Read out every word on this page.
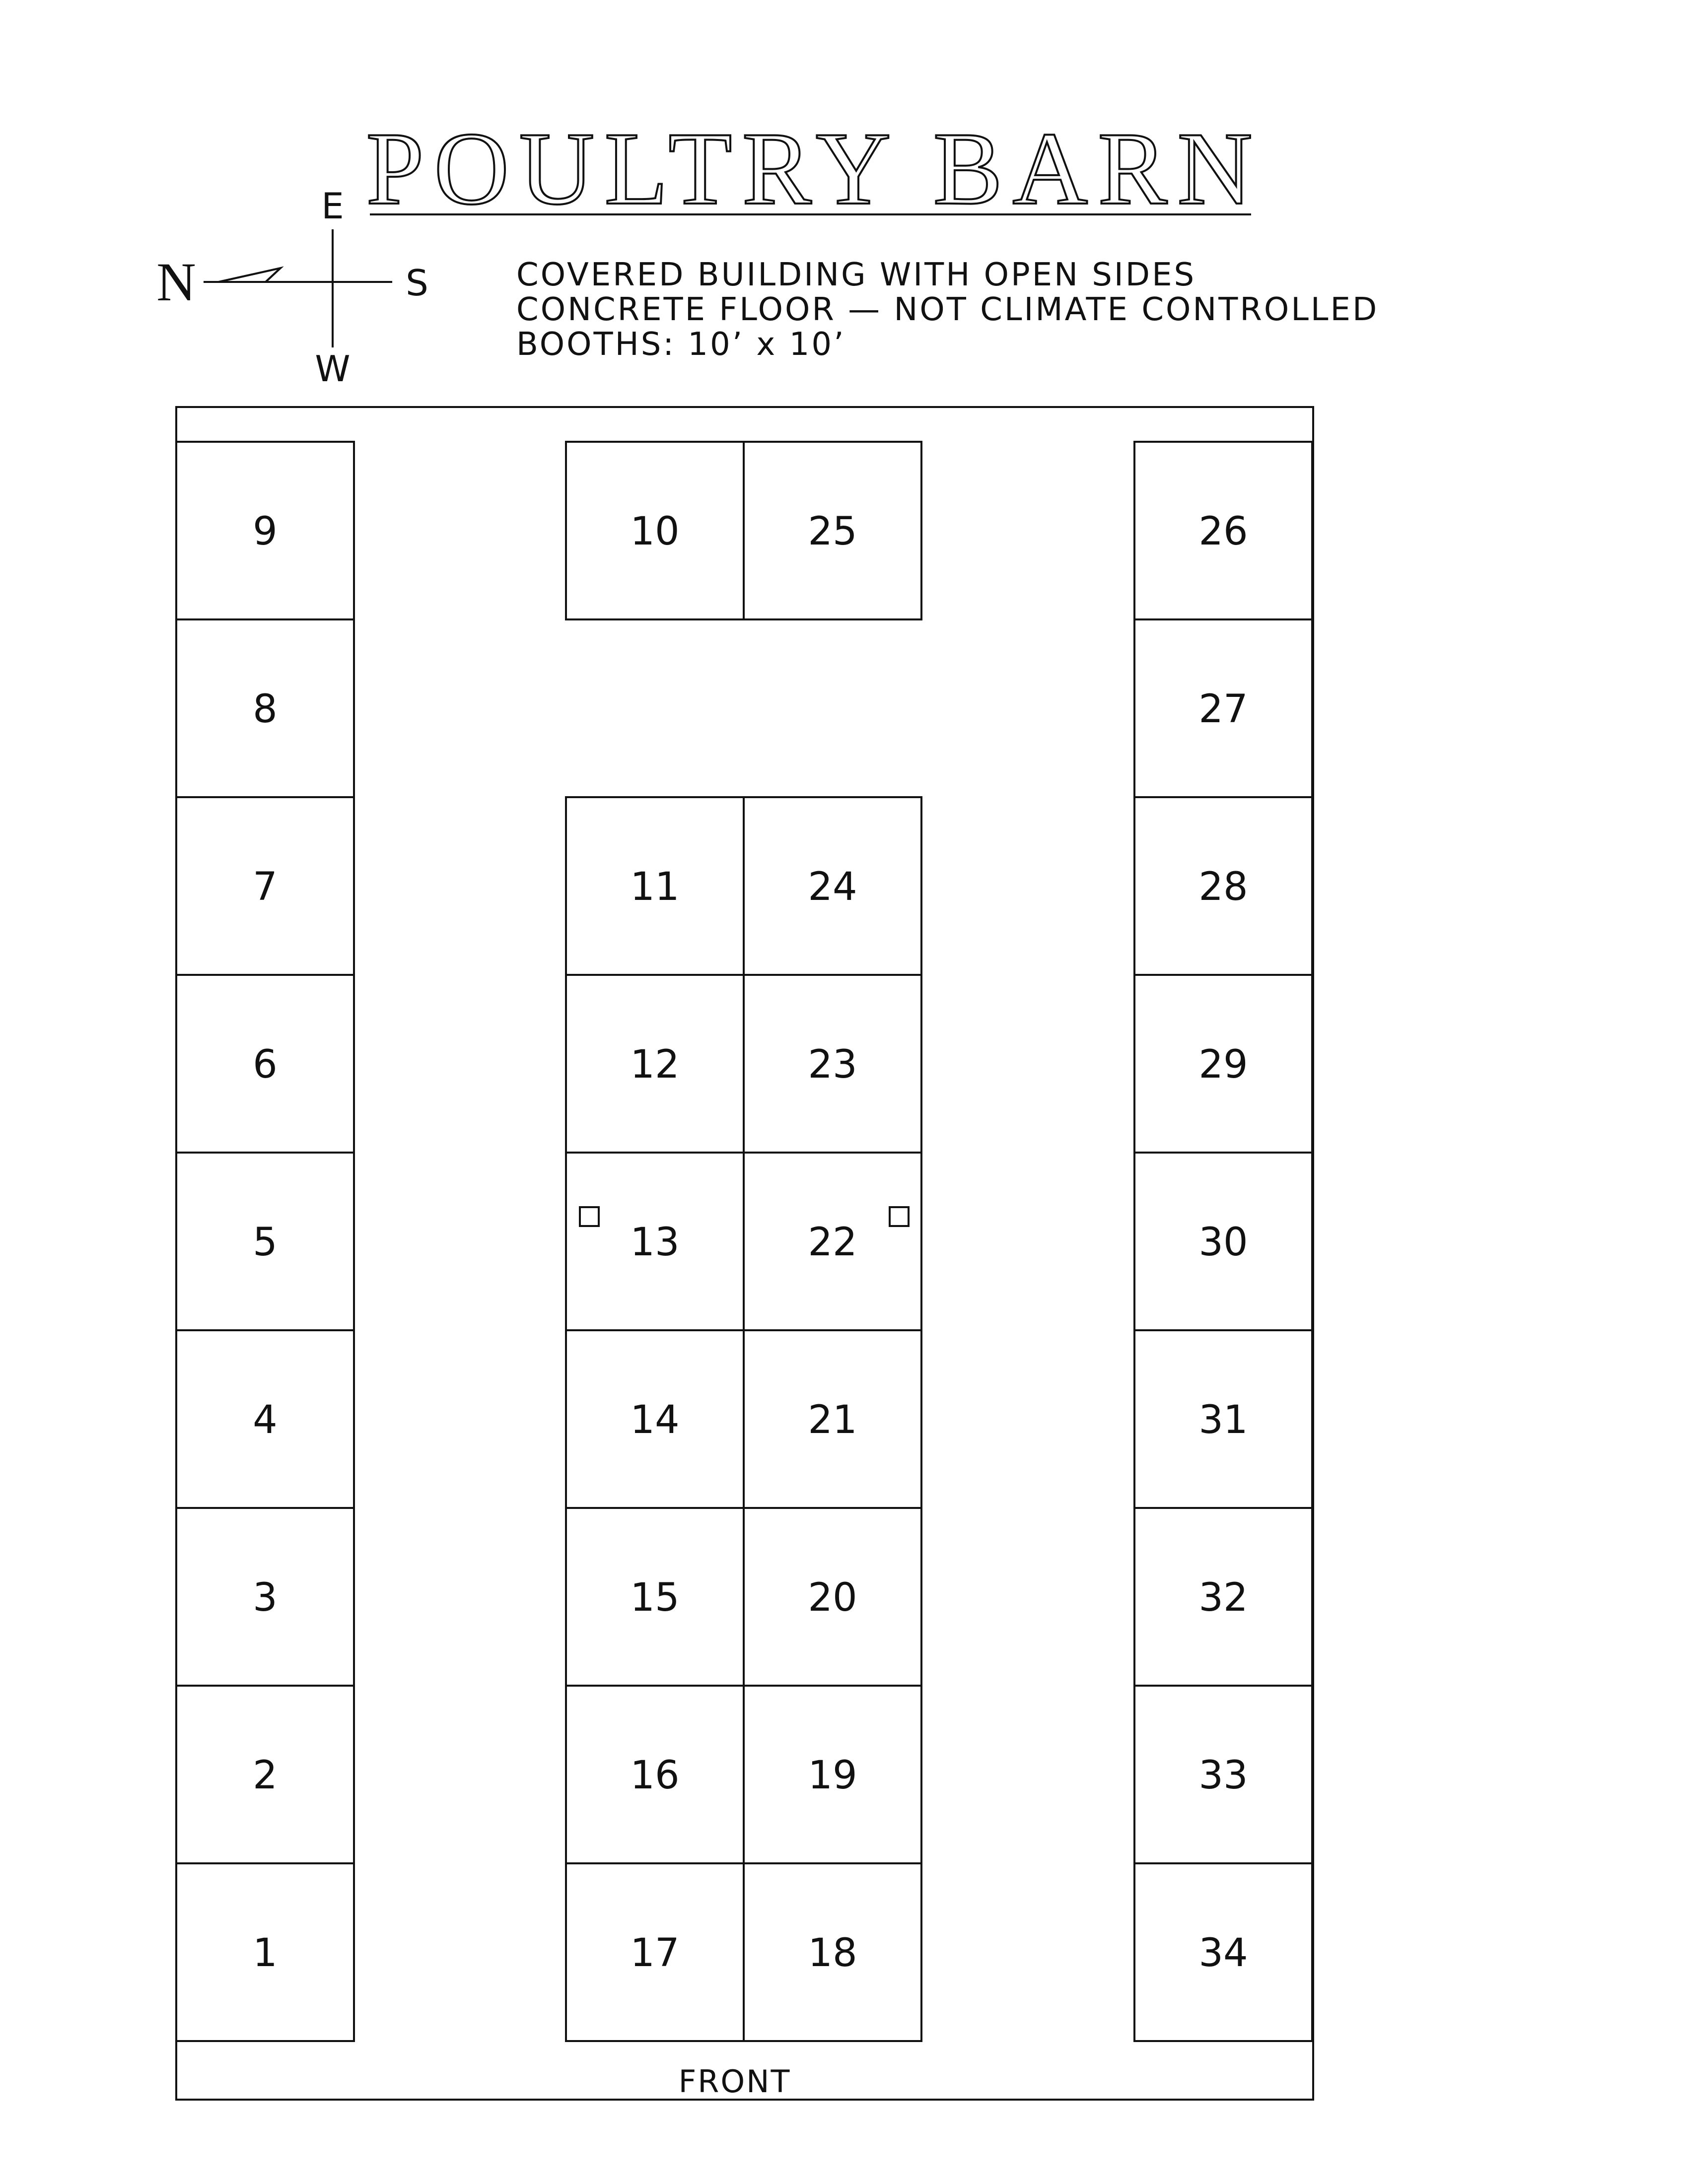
POULTRY BARN
N	S
E
W
COVERED BUILDING WITH OPEN SIDES
CONCRETE FLOOR — NOT CLIMATE CONTROLLED
BOOTHS: 10’ x 10’
9
8
7
6
5
4
3
2
1
26
27
28
29
30
31
32
33
34
10	25
11
12
13
14
15
16
17
24
23
22
21
20
19
18
FRONT
